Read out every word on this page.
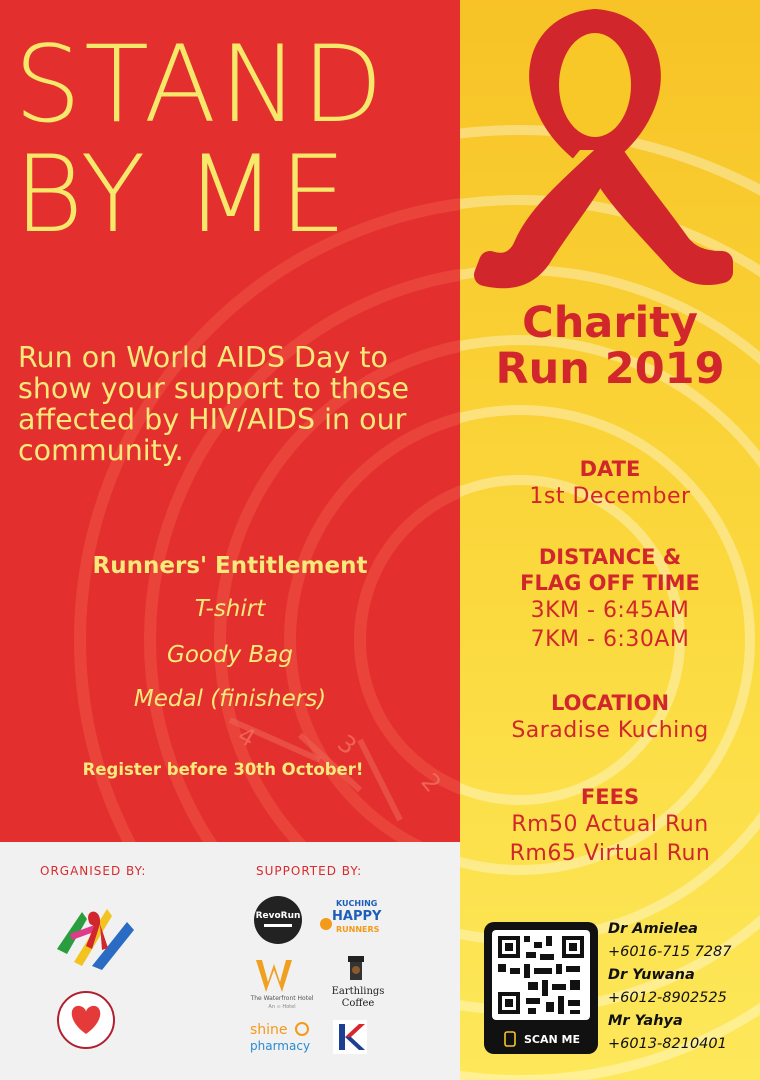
4	3
2
STAND
BY ME
Run on World AIDS Day to show your support to those affected by HIV/AIDS in our community.
Runners' Entitlement
T-shirt
Goody Bag
Medal (finishers)
Register before 30th October!
Charity
Run 2019
DATE
1st December
DISTANCE &
FLAG OFF TIME
3KM - 6:45AM
7KM - 6:30AM
LOCATION
Saradise Kuching
FEES
Rm50 Actual Run
Rm65 Virtual Run
SCAN ME
Dr Amielea
+6016-715 7287
Dr Yuwana
+6012-8902525
Mr Yahya
+6013-8210401
ORGANISED BY:	SUPPORTED BY:
RevoRun
KUCHING
HAPPY
RUNNERS
The Waterfront Hotel
An ∞ Hotel
Earthlings
Coffee
shine
pharmacy
